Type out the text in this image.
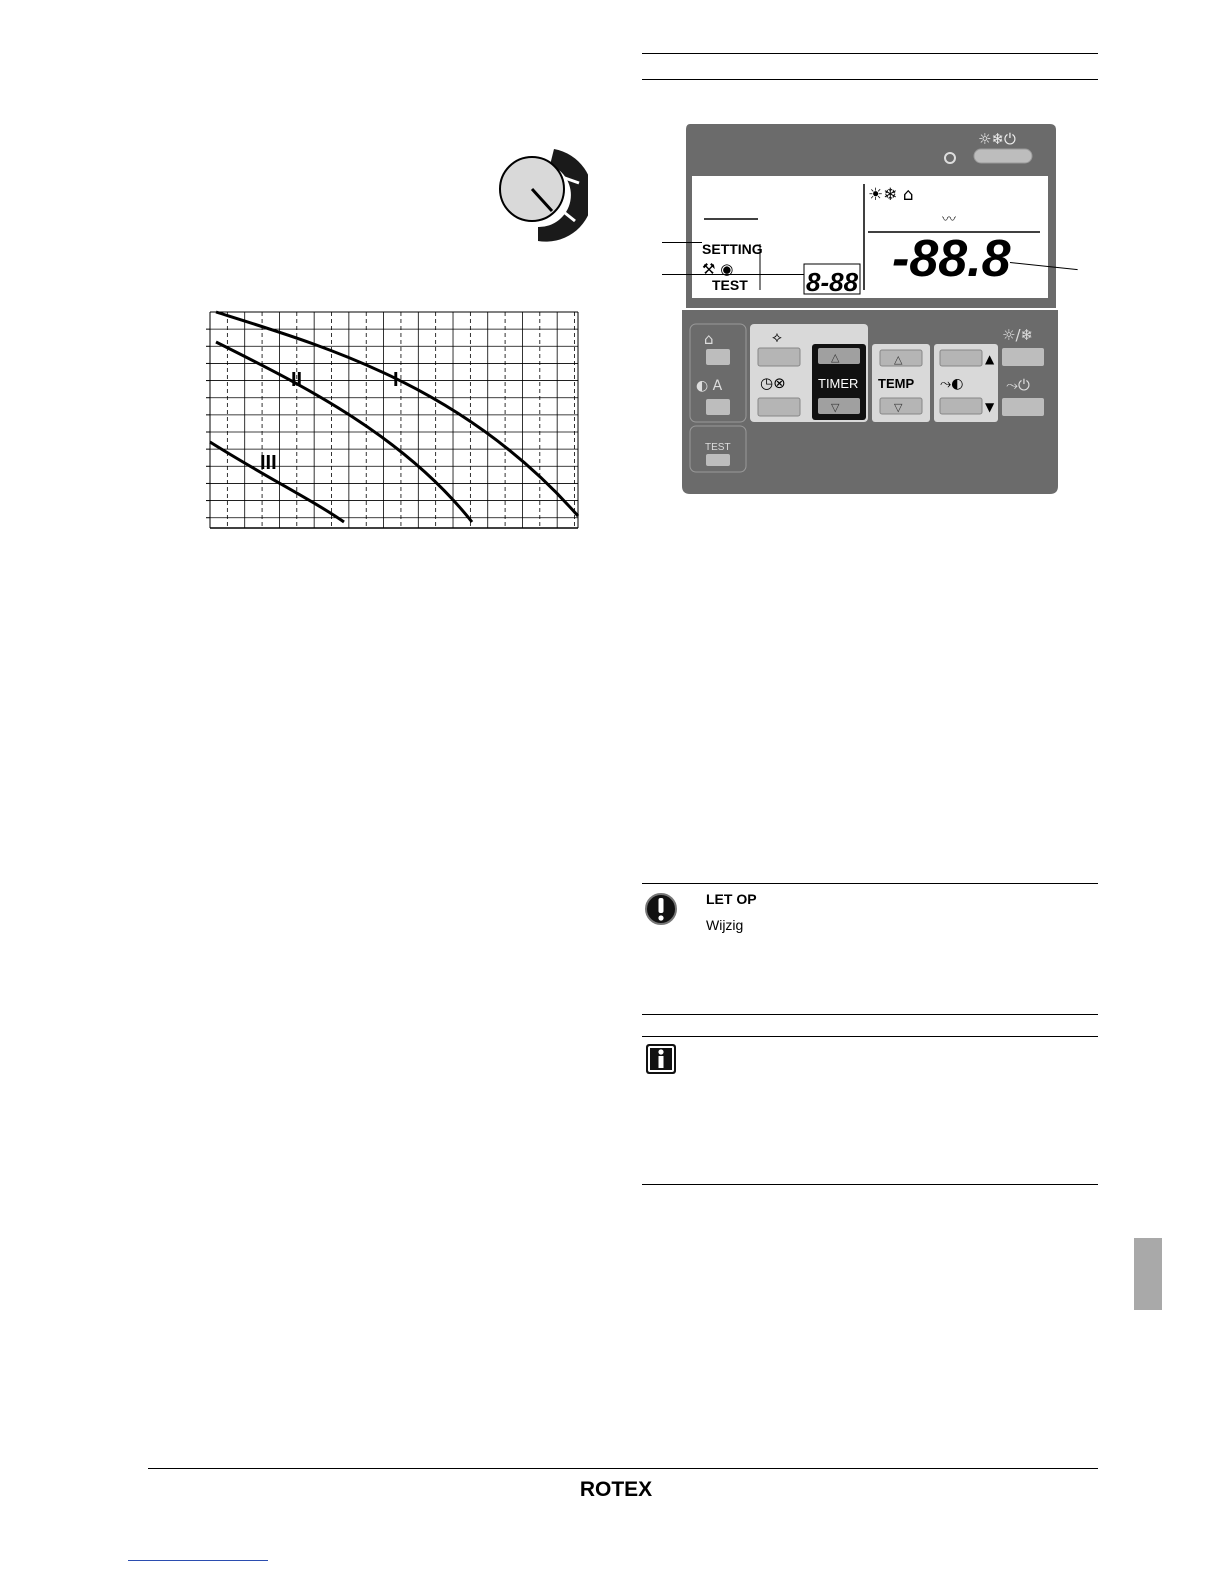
I
II
III
☼❄⏻
☀❄ ⌂
〰
SETTING
⚒ ◉
TEST 8-88 -88.8
⌂
◐ A
TEST
⟡
◷⊗
△
TIMER
▽
△
TEMP
▽
▲
⤳◐
▼
☼/❄
⤳⏻
LET OP
Wijzig
ROTEX
